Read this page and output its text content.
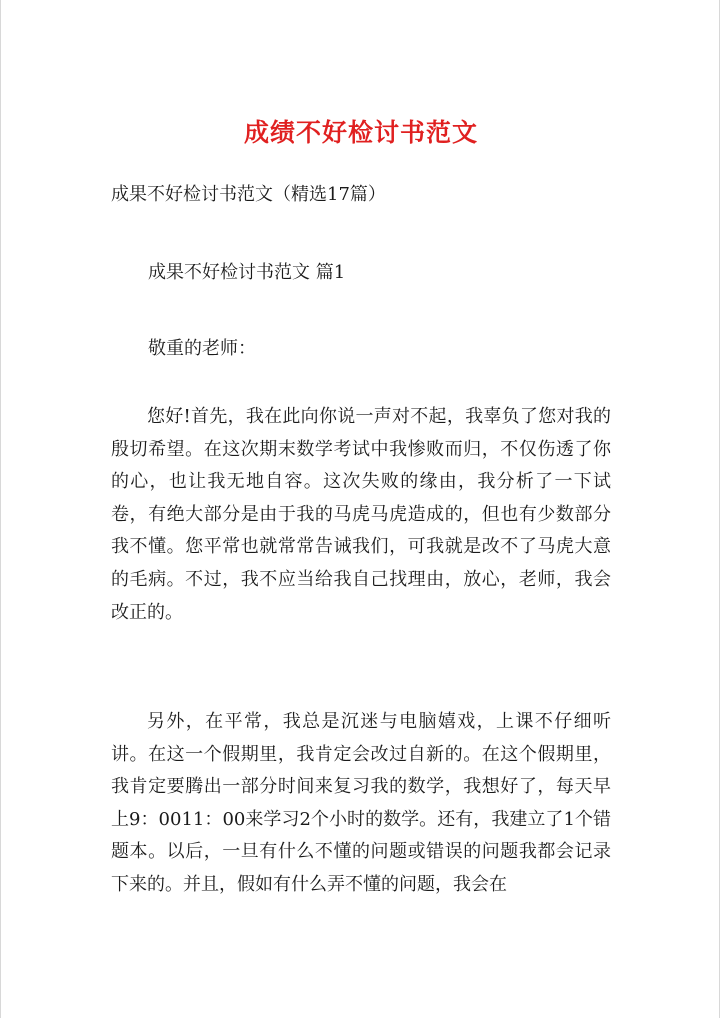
成绩不好检讨书范文
成果不好检讨书范文（精选17篇）
成果不好检讨书范文 篇1
敬重的老师：
您好!首先，我在此向你说一声对不起，我辜负了您对我的殷切希望。在这次期末数学考试中我惨败而归，不仅伤透了你的心，也让我无地自容。这次失败的缘由，我分析了一下试卷，有绝大部分是由于我的马虎马虎造成的，但也有少数部分我不懂。您平常也就常常告诫我们，可我就是改不了马虎大意的毛病。不过，我不应当给我自己找理由，放心，老师，我会改正的。
另外，在平常，我总是沉迷与电脑嬉戏，上课不仔细听讲。在这一个假期里，我肯定会改过自新的。在这个假期里，我肯定要腾出一部分时间来复习我的数学，我想好了，每天早上9：0011：00来学习2个小时的数学。还有，我建立了1个错题本。以后，一旦有什么不懂的问题或错误的问题我都会记录下来的。并且，假如有什么弄不懂的问题，我会在
